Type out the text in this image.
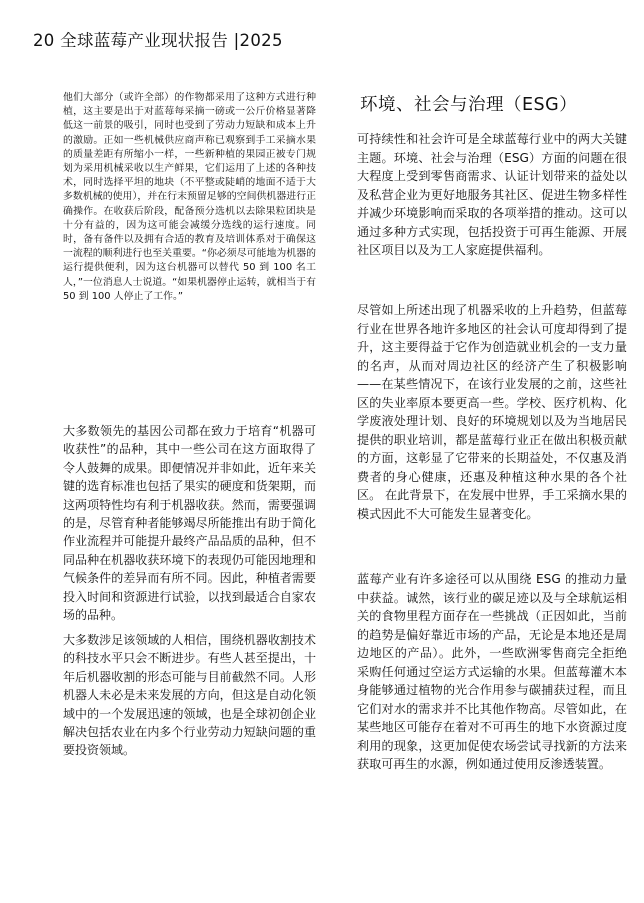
20 全球蓝莓产业现状报告 |2025

他们大部分（或许全部）的作物都采用了这种方式进行种植，这主要是出于对蓝莓每采摘一磅或一公斤价格显著降低这一前景的吸引，同时也受到了劳动力短缺和成本上升的激励。正如一些机械供应商声称已观察到手工采摘水果的质量差距有所缩小一样，一些新种植的果园正被专门规划为采用机械采收以生产鲜果，它们运用了上述的各种技术，同时选择平坦的地块（不平整或陡峭的地面不适于大多数机械的使用），并在行末预留足够的空间供机器进行正确操作。在收获后阶段，配备预分选机以去除果粒团块是十分有益的，因为这可能会减缓分选线的运行速度。同时，备有备件以及拥有合适的教育及培训体系对于确保这一流程的顺利进行也至关重要。“你必须尽可能地为机器的运行提供便利，因为这台机器可以替代 50 到 100 名工人，”一位消息人士说道。“如果机器停止运转，就相当于有 50 到 100 人停止了工作。”

大多数领先的基因公司都在致力于培育“机器可收获性”的品种，其中一些公司在这方面取得了令人鼓舞的成果。即便情况并非如此，近年来关键的选育标准也包括了果实的硬度和货架期，而这两项特性均有利于机器收获。然而，需要强调的是，尽管育种者能够竭尽所能推出有助于简化作业流程并可能提升最终产品品质的品种，但不同品种在机器收获环境下的表现仍可能因地理和气候条件的差异而有所不同。因此，种植者需要投入时间和资源进行试验，以找到最适合自家农场的品种。

大多数涉足该领域的人相信，围绕机器收割技术的科技水平只会不断进步。有些人甚至提出，十年后机器收割的形态可能与目前截然不同。人形机器人未必是未来发展的方向，但这是自动化领域中的一个发展迅速的领域，也是全球初创企业解决包括农业在内多个行业劳动力短缺问题的重要投资领域。

环境、社会与治理（ESG）

可持续性和社会许可是全球蓝莓行业中的两大关键主题。环境、社会与治理（ESG）方面的问题在很大程度上受到零售商需求、认证计划带来的益处以及私营企业为更好地服务其社区、促进生物多样性并减少环境影响而采取的各项举措的推动。这可以通过多种方式实现，包括投资于可再生能源、开展社区项目以及为工人家庭提供福利。

尽管如上所述出现了机器采收的上升趋势，但蓝莓行业在世界各地许多地区的社会认可度却得到了提升，这主要得益于它作为创造就业机会的一支力量的名声，从而对周边社区的经济产生了积极影响——在某些情况下，在该行业发展的之前，这些社区的失业率原本要更高一些。学校、医疗机构、化学废液处理计划、良好的环境规划以及为当地居民提供的职业培训，都是蓝莓行业正在做出积极贡献的方面，这彰显了它带来的长期益处，不仅惠及消费者的身心健康，还惠及种植这种水果的各个社区。 在此背景下，在发展中世界，手工采摘水果的模式因此不大可能发生显著变化。

蓝莓产业有许多途径可以从围绕 ESG 的推动力量中获益。诚然，该行业的碳足迹以及与全球航运相关的食物里程方面存在一些挑战（正因如此，当前的趋势是偏好靠近市场的产品，无论是本地还是周边地区的产品）。此外，一些欧洲零售商完全拒绝采购任何通过空运方式运输的水果。但蓝莓灌木本身能够通过植物的光合作用参与碳捕获过程，而且它们对水的需求并不比其他作物高。尽管如此，在某些地区可能存在着对不可再生的地下水资源过度利用的现象，这更加促使农场尝试寻找新的方法来获取可再生的水源，例如通过使用反渗透装置。
